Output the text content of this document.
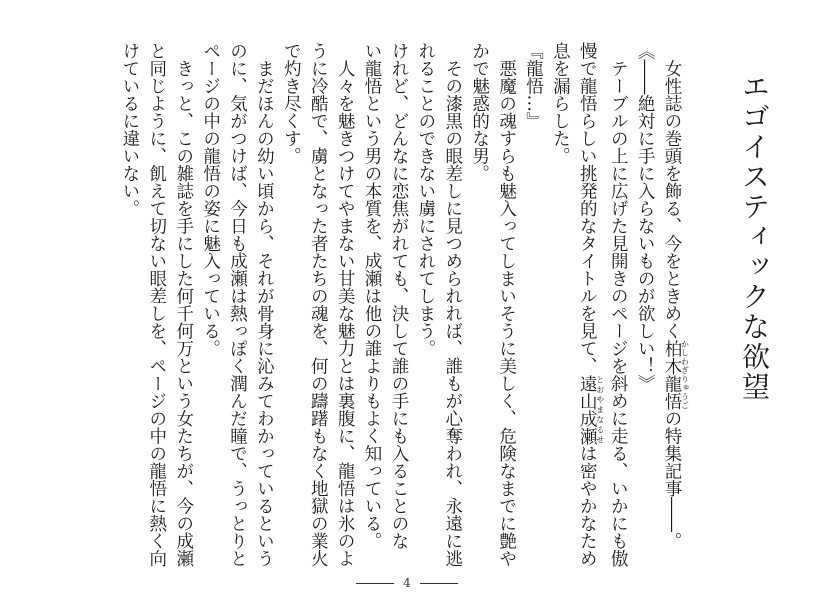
エゴイスティックな欲望
　女性誌の巻頭を飾る、今をときめく柏木龍悟かしわぎりゅうごの特集記事――。
《――絶対に手に入らないものが欲しい！》
　テーブルの上に広げた見開きのページを斜めに走る、いかにも傲
慢で龍悟らしい挑発的なタイトルを見て、遠山成瀬とおやまなるせは密やかなため
息を漏らした。
『龍悟…』
　悪魔の魂すらも魅入ってしまいそうに美しく、危険なまでに艶や
かで魅惑的な男。
　その漆黒の眼差しに見つめられれば、誰もが心奪われ、永遠に逃
れることのできない虜にされてしまう。
けれど、どんなに恋焦がれても、決して誰の手にも入ることのな
い龍悟という男の本質を、成瀬は他の誰よりもよく知っている。
　人々を魅きつけてやまない甘美な魅力とは裏腹に、龍悟は氷のよ
うに冷酷で、虜となった者たちの魂を、何の躊躇もなく地獄の業火
で灼き尽くす。
　まだほんの幼い頃から、それが骨身に沁みてわかっているという
のに、気がつけば、今日も成瀬は熱っぽく潤んだ瞳で、うっとりと
ページの中の龍悟の姿に魅入っている。
　きっと、この雑誌を手にした何千何万という女たちが、今の成瀬
と同じように、飢えて切ない眼差しを、ページの中の龍悟に熱く向
けているに違いない。
4
